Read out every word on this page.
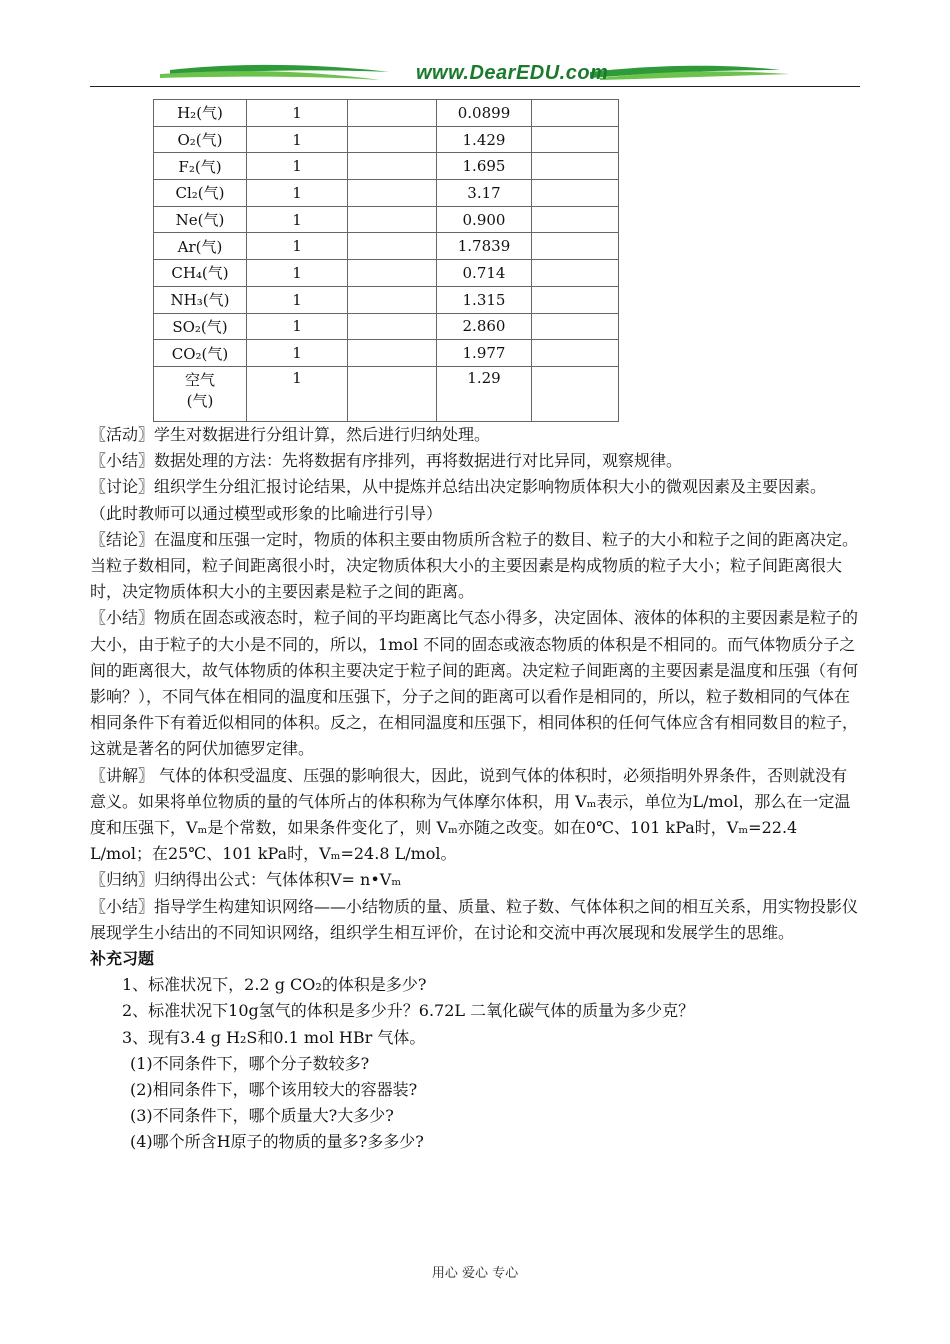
www.DearEDU.com
H₂(气)	1		0.0899	
O₂(气)	1		1.429	
F₂(气)	1		1.695	
Cl₂(气)	1		3.17	
Ne(气)	1		0.900	
Ar(气)	1		1.7839	
CH₄(气)	1		0.714	
NH₃(气)	1		1.315	
SO₂(气)	1		2.860	
CO₂(气)	1		1.977	

空气
(气)	1		1.29	

〖活动〗学生对数据进行分组计算，然后进行归纳处理。

〖小结〗数据处理的方法：先将数据有序排列，再将数据进行对比异同，观察规律。

〖讨论〗组织学生分组汇报讨论结果，从中提炼并总结出决定影响物质体积大小的微观因素及主要因素。

（此时教师可以通过模型或形象的比喻进行引导）

〖结论〗在温度和压强一定时，物质的体积主要由物质所含粒子的数目、粒子的大小和粒子之间的距离决定。当粒子数相同，粒子间距离很小时，决定物质体积大小的主要因素是构成物质的粒子大小；粒子间距离很大时，决定物质体积大小的主要因素是粒子之间的距离。

〖小结〗物质在固态或液态时，粒子间的平均距离比气态小得多，决定固体、液体的体积的主要因素是粒子的大小，由于粒子的大小是不同的，所以，1mol 不同的固态或液态物质的体积是不相同的。而气体物质分子之间的距离很大，故气体物质的体积主要决定于粒子间的距离。决定粒子间距离的主要因素是温度和压强（有何影响？），不同气体在相同的温度和压强下，分子之间的距离可以看作是相同的，所以，粒子数相同的气体在相同条件下有着近似相同的体积。反之，在相同温度和压强下，相同体积的任何气体应含有相同数目的粒子，这就是著名的阿伏加德罗定律。

〖讲解〗 气体的体积受温度、压强的影响很大，因此，说到气体的体积时，必须指明外界条件，否则就没有意义。如果将单位物质的量的气体所占的体积称为气体摩尔体积，用 Vₘ表示，单位为L/mol，那么在一定温度和压强下，Vₘ是个常数，如果条件变化了，则 Vₘ亦随之改变。如在0℃、101 kPa时，Vₘ=22.4 L/mol；在25℃、101 kPa时，Vₘ=24.8 L/mol。

〖归纳〗归纳得出公式：气体体积V= n•Vₘ

〖小结〗指导学生构建知识网络——小结物质的量、质量、粒子数、气体体积之间的相互关系，用实物投影仪展现学生小结出的不同知识网络，组织学生相互评价，在讨论和交流中再次展现和发展学生的思维。

补充习题

1、标准状况下，2.2 g CO₂的体积是多少?

2、标准状况下10g氢气的体积是多少升？6.72L 二氧化碳气体的质量为多少克？

3、现有3.4 g H₂S和0.1 mol HBr 气体。

(1)不同条件下，哪个分子数较多?

(2)相同条件下，哪个该用较大的容器装?

(3)不同条件下，哪个质量大?大多少?

(4)哪个所含H原子的物质的量多?多多少?

用心 爱心 专心
